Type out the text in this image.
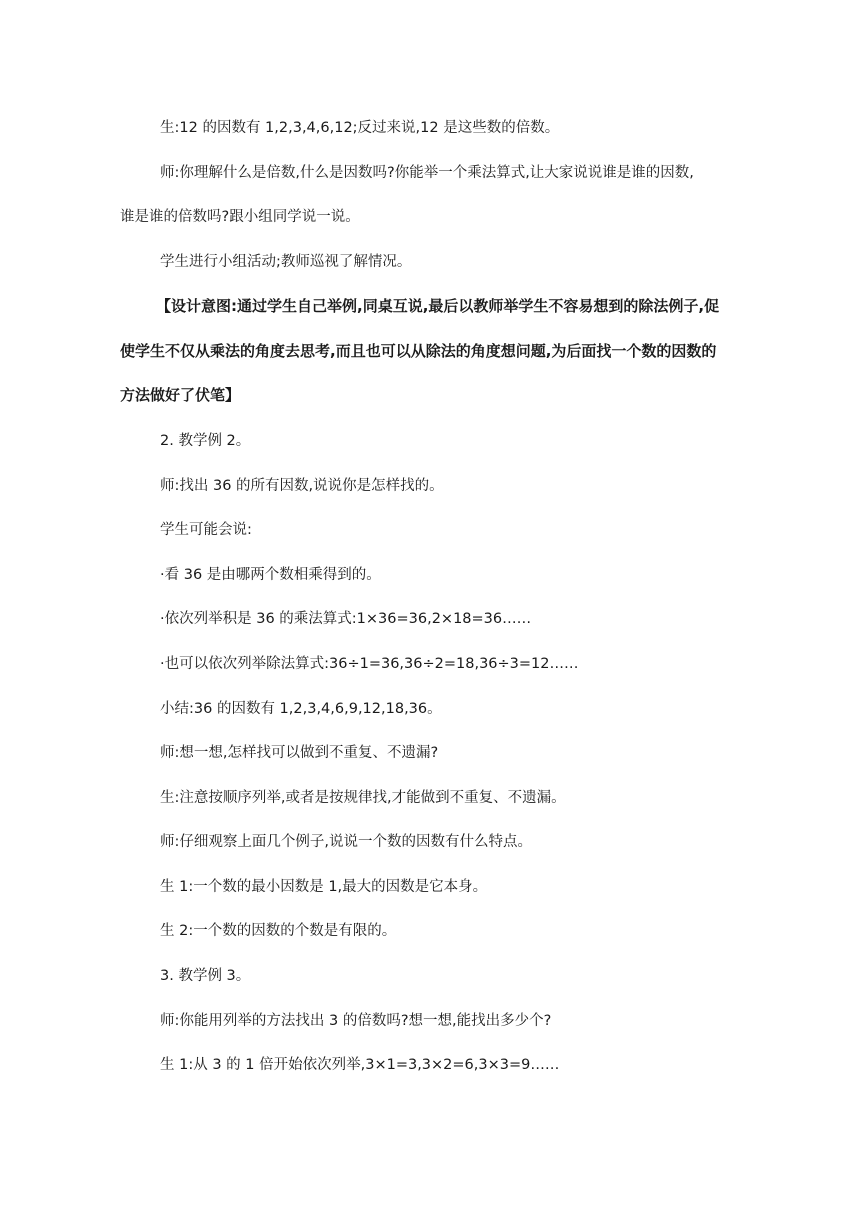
生:12 的因数有 1,2,3,4,6,12;反过来说,12 是这些数的倍数。
师:你理解什么是倍数,什么是因数吗?你能举一个乘法算式,让大家说说谁是谁的因数,
谁是谁的倍数吗?跟小组同学说一说。
学生进行小组活动;教师巡视了解情况。
【设计意图:通过学生自己举例,同桌互说,最后以教师举学生不容易想到的除法例子,促
使学生不仅从乘法的角度去思考,而且也可以从除法的角度想问题,为后面找一个数的因数的
方法做好了伏笔】
2. 教学例 2。
师:找出 36 的所有因数,说说你是怎样找的。
学生可能会说:
·看 36 是由哪两个数相乘得到的。
·依次列举积是 36 的乘法算式:1×36=36,2×18=36……
·也可以依次列举除法算式:36÷1=36,36÷2=18,36÷3=12……
小结:36 的因数有 1,2,3,4,6,9,12,18,36。
师:想一想,怎样找可以做到不重复、不遗漏?
生:注意按顺序列举,或者是按规律找,才能做到不重复、不遗漏。
师:仔细观察上面几个例子,说说一个数的因数有什么特点。
生 1:一个数的最小因数是 1,最大的因数是它本身。
生 2:一个数的因数的个数是有限的。
3. 教学例 3。
师:你能用列举的方法找出 3 的倍数吗?想一想,能找出多少个?
生 1:从 3 的 1 倍开始依次列举,3×1=3,3×2=6,3×3=9……
